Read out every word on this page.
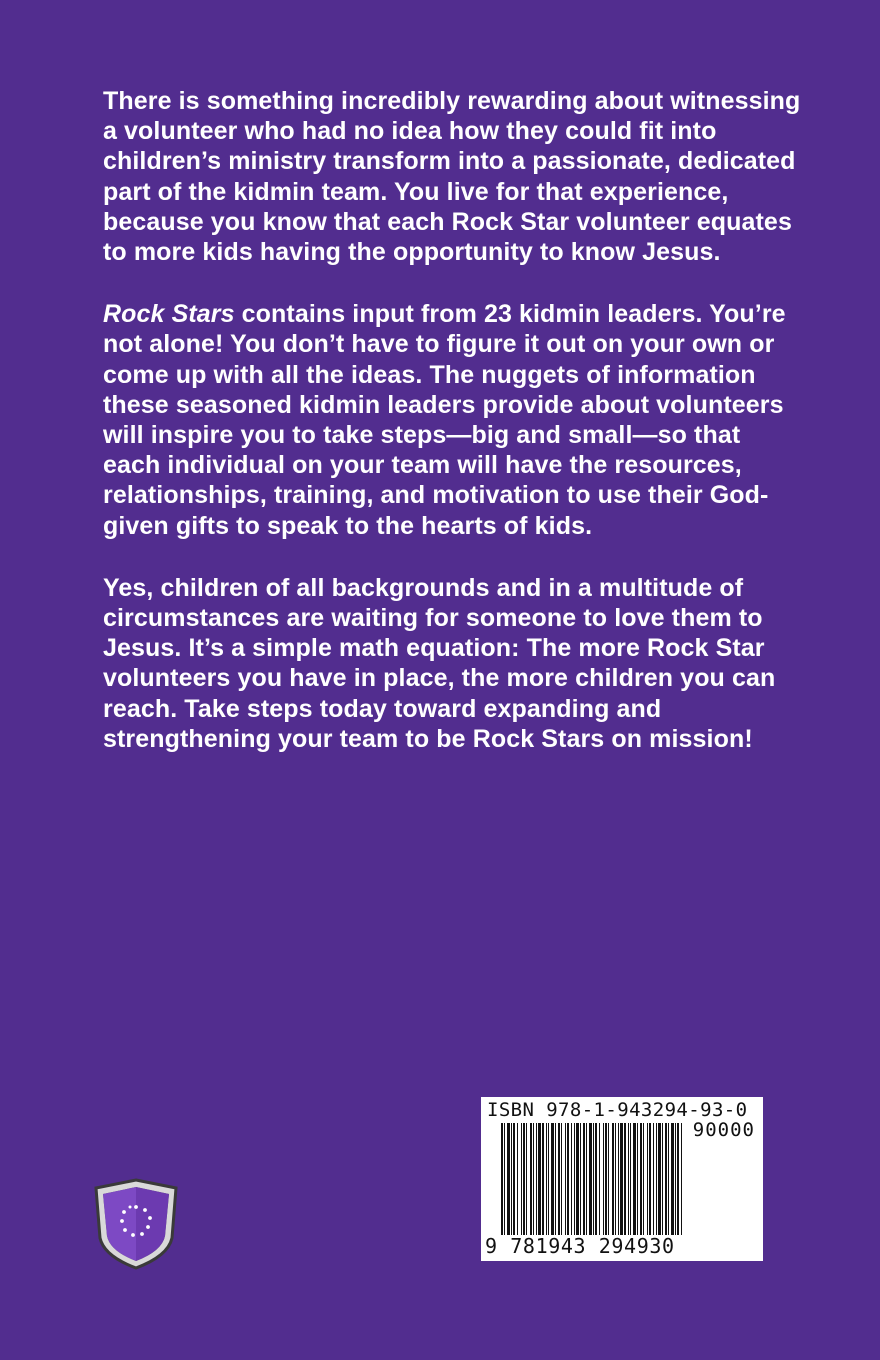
There is something incredibly rewarding about witnessing a volunteer who had no idea how they could fit into children’s ministry transform into a passionate, dedicated part of the kidmin team. You live for that experience, because you know that each Rock Star volunteer equates to more kids having the opportunity to know Jesus.

Rock Stars contains input from 23 kidmin leaders. You’re not alone! You don’t have to figure it out on your own or come up with all the ideas. The nuggets of information these seasoned kidmin leaders provide about volunteers will inspire you to take steps—big and small—so that each individual on your team will have the resources, relationships, training, and motivation to use their God-given gifts to speak to the hearts of kids.

Yes, children of all backgrounds and in a multitude of circumstances are waiting for someone to love them to Jesus. It’s a simple math equation: The more Rock Star volunteers you have in place, the more children you can reach. Take steps today toward expanding and strengthening your team to be Rock Stars on mission!

ISBN 978-1-943294-93-0
90000
9 781943 294930
